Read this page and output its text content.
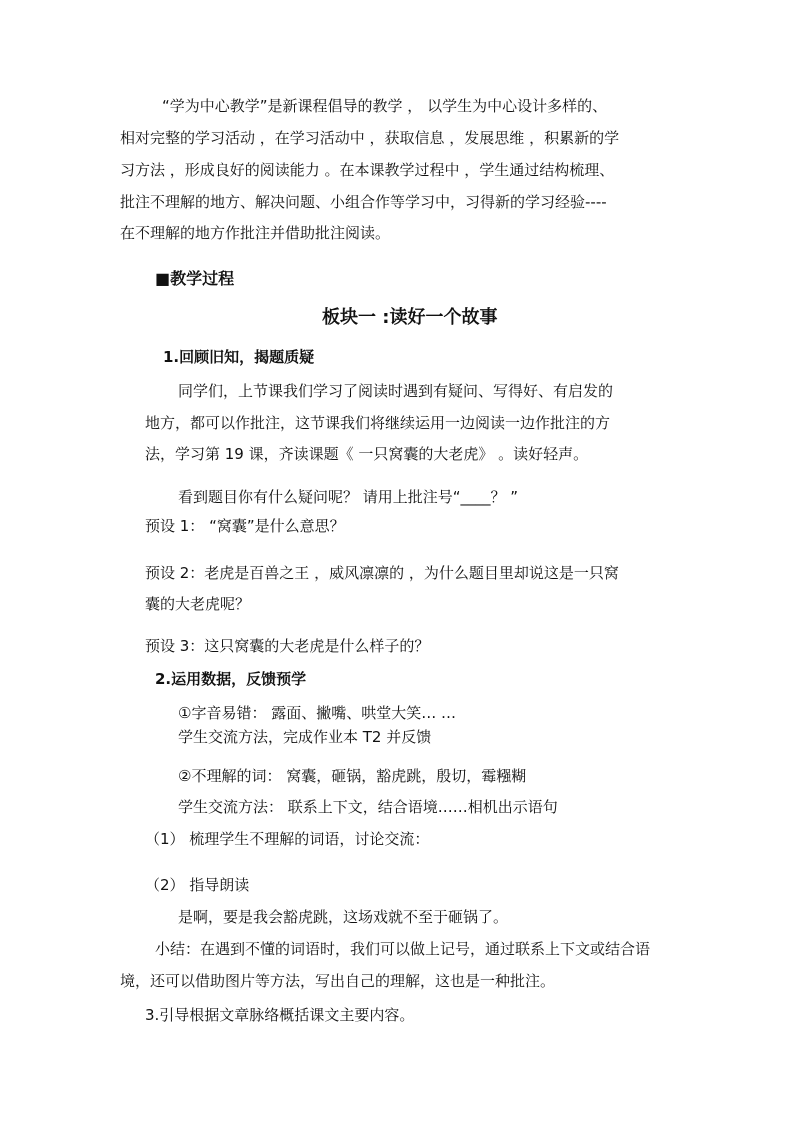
“学为中心教学”是新课程倡导的教学 ， 以学生为中心设计多样的、
相对完整的学习活动 ，在学习活动中 ，获取信息 ，发展思维 ，积累新的学
习方法 ，形成良好的阅读能力 。在本课教学过程中 ，学生通过结构梳理、
批注不理解的地方、解决问题、小组合作等学习中，习得新的学习经验----
在不理解的地方作批注并借助批注阅读。
■教学过程
板块一 :读好一个故事
1.回顾旧知，揭题质疑
同学们，上节课我们学习了阅读时遇到有疑问、写得好、有启发的
地方，都可以作批注，这节课我们将继续运用一边阅读一边作批注的方
法，学习第 19 课，齐读课题《 一只窝囊的大老虎》 。读好轻声。
看到题目你有什么疑问呢？ 请用上批注号“____？ ”
预设 1： “窝囊”是什么意思？
预设 2：老虎是百兽之王 ，威风凛凛的 ，为什么题目里却说这是一只窝
囊的大老虎呢？
预设 3：这只窝囊的大老虎是什么样子的？
2.运用数据，反馈预学
①字音易错： 露面、撇嘴、哄堂大笑… …
学生交流方法，完成作业本 T2 并反馈
②不理解的词： 窝囊，砸锅，豁虎跳，殷切，霉糨糊
学生交流方法： 联系上下文，结合语境……相机出示语句
（1） 梳理学生不理解的词语，讨论交流：
（2） 指导朗读
是啊，要是我会豁虎跳，这场戏就不至于砸锅了。
小结：在遇到不懂的词语时，我们可以做上记号，通过联系上下文或结合语
境，还可以借助图片等方法，写出自己的理解，这也是一种批注。
3.引导根据文章脉络概括课文主要内容。
